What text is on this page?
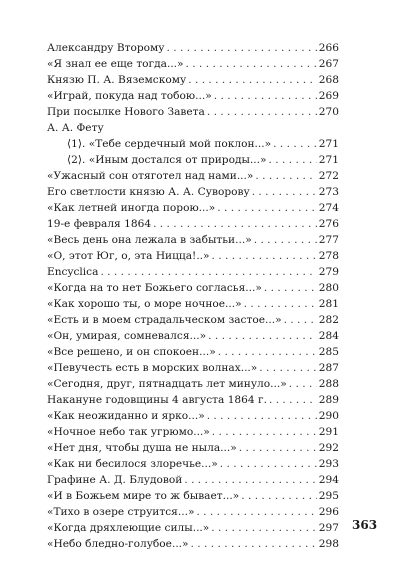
Александру Второму . . .	266
«Я знал ее еще тогда...» . . .	267
Князю П. А. Вяземскому . . .	268
«Играй, покуда над тобою...» . . .	269
При посылке Нового Завета . . .	270
А. А. Фету
⟨1⟩. «Тебе сердечный мой поклон...» . . .	271
⟨2⟩. «Иным достался от природы...» . . .	271
«Ужасный сон отяготел над нами...» . . .	272
Его светлости князю А. А. Суворову . . .	273
«Как летней иногда порою...» . . .	274
19-е февраля 1864 . . .	276
«Весь день она лежала в забытьи...» . . .	277
«О, этот Юг, о, эта Ницца!..» . . .	278
Encyclica . . .	279
«Когда на то нет Божьего согласья...» . . .	280
«Как хорошо ты, о море ночное...» . . .	281
«Есть и в моем страдальческом застое...» . . .	282
«Он, умирая, сомневался...» . . .	284
«Все решено, и он спокоен...» . . .	285
«Певучесть есть в морских волнах...» . . .	287
«Сегодня, друг, пятнадцать лет минуло...» . . .	288
Накануне годовщины 4 августа 1864 г. . . .	289
«Как неожиданно и ярко...» . . .	290
«Ночное небо так угрюмо...» . . .	291
«Нет дня, чтобы душа не ныла...» . . .	292
«Как ни бесилося злоречье...» . . .	293
Графине А. Д. Блудовой . . .	294
«И в Божьем мире то ж бывает...» . . .	295
«Тихо в озере струится...» . . .	296
«Когда дряхлеющие силы...» . . .	297
«Небо бледно-голубое...» . . .	298
363
